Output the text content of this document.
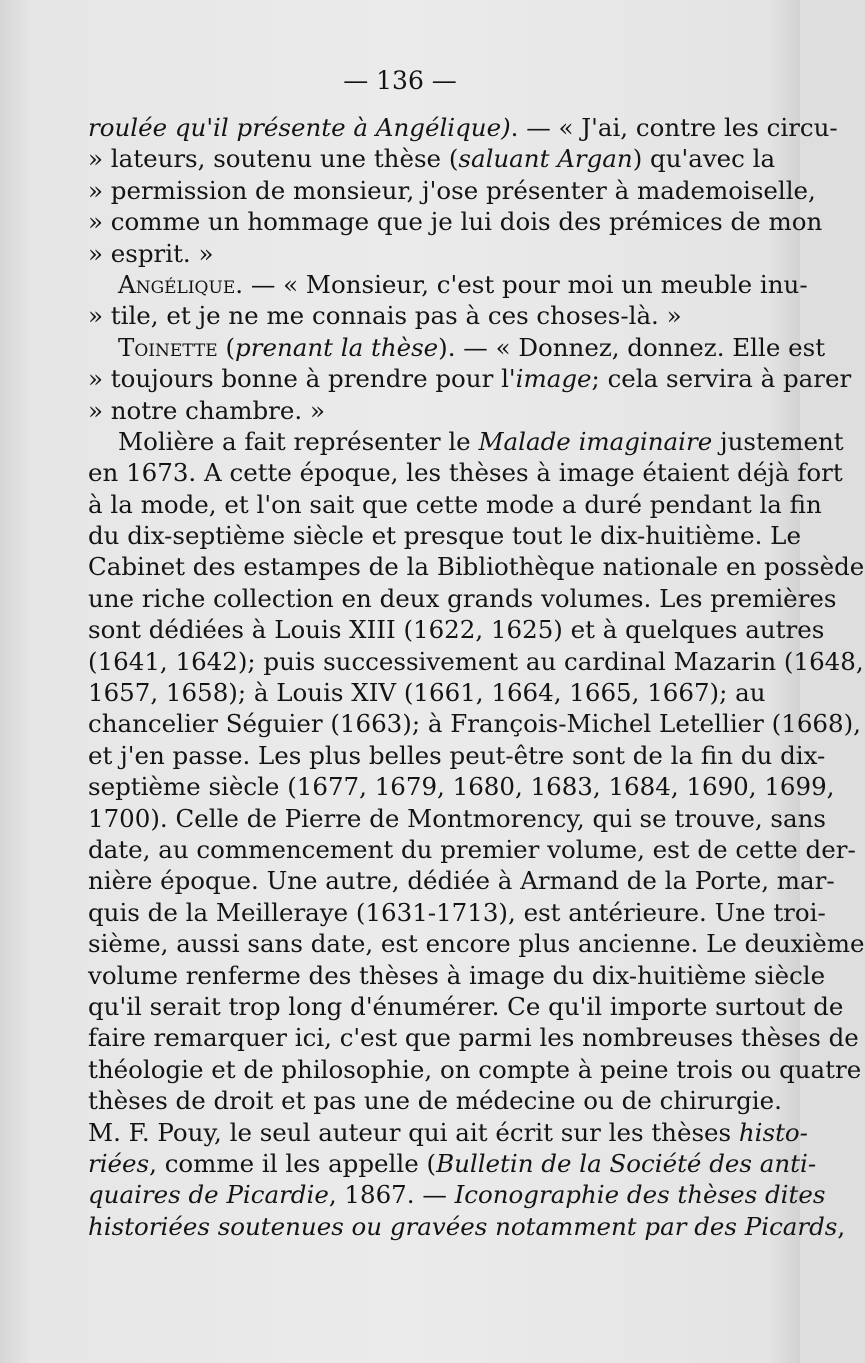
— 136 —
roulée qu'il présente à Angélique). — « J'ai, contre les circu-
» lateurs, soutenu une thèse (saluant Argan) qu'avec la
» permission de monsieur, j'ose présenter à mademoiselle,
» comme un hommage que je lui dois des prémices de mon
» esprit. »
Angélique. — « Monsieur, c'est pour moi un meuble inu-
» tile, et je ne me connais pas à ces choses-là. »
Toinette (prenant la thèse). — « Donnez, donnez. Elle est
» toujours bonne à prendre pour l'image; cela servira à parer
» notre chambre. »
Molière a fait représenter le Malade imaginaire justement
en 1673. A cette époque, les thèses à image étaient déjà fort
à la mode, et l'on sait que cette mode a duré pendant la fin
du dix-septième siècle et presque tout le dix-huitième. Le
Cabinet des estampes de la Bibliothèque nationale en possède
une riche collection en deux grands volumes. Les premières
sont dédiées à Louis XIII (1622, 1625) et à quelques autres
(1641, 1642); puis successivement au cardinal Mazarin (1648,
1657, 1658); à Louis XIV (1661, 1664, 1665, 1667); au
chancelier Séguier (1663); à François-Michel Letellier (1668),
et j'en passe. Les plus belles peut-être sont de la fin du dix-
septième siècle (1677, 1679, 1680, 1683, 1684, 1690, 1699,
1700). Celle de Pierre de Montmorency, qui se trouve, sans
date, au commencement du premier volume, est de cette der-
nière époque. Une autre, dédiée à Armand de la Porte, mar-
quis de la Meilleraye (1631-1713), est antérieure. Une troi-
sième, aussi sans date, est encore plus ancienne. Le deuxième
volume renferme des thèses à image du dix-huitième siècle
qu'il serait trop long d'énumérer. Ce qu'il importe surtout de
faire remarquer ici, c'est que parmi les nombreuses thèses de
théologie et de philosophie, on compte à peine trois ou quatre
thèses de droit et pas une de médecine ou de chirurgie.
M. F. Pouy, le seul auteur qui ait écrit sur les thèses histo-
riées, comme il les appelle (Bulletin de la Société des anti-
quaires de Picardie, 1867. — Iconographie des thèses dites
historiées soutenues ou gravées notamment par des Picards,
